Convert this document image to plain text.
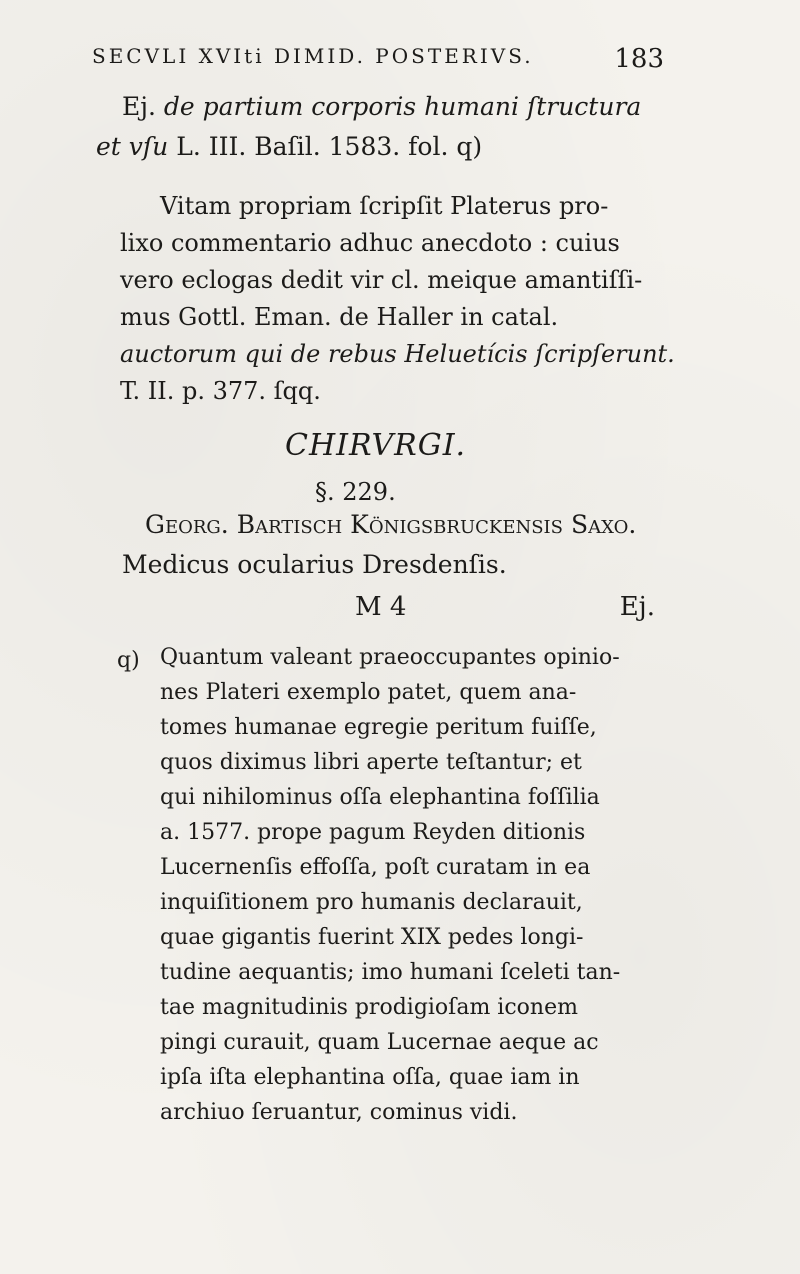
SECVLI XVIti DIMID. POSTERIVS.	183
Ej. de partium corporis humani ſtructura
et vſu L. III. Baſil. 1583. fol. q)
Vitam propriam ſcripſit Platerus pro-
lixo commentario adhuc anecdoto : cuius
vero eclogas dedit vir cl. meique amantiſſi-
mus Gottl. Eman. de Haller in catal.
auctorum qui de rebus Heluetícis ſcripſerunt.
T. II. p. 377. ſqq.
CHIRVRGI.
§. 229.
Georg. Bartisch Königsbruckenſis Saxo.
Medicus ocularius Dresdenſis.
M 4	Ej.
q) Quantum valeant praeoccupantes opinio-
nes Plateri exemplo patet, quem ana-
tomes humanae egregie peritum fuiſſe,
quos diximus libri aperte teſtantur; et
qui nihilominus oſſa elephantina foſſilia
a. 1577. prope pagum Reyden ditionis
Lucernenſis effoſſa, poſt curatam in ea
inquiſitionem pro humanis declarauit,
quae gigantis fuerint XIX pedes longi-
tudine aequantis; imo humani ſceleti tan-
tae magnitudinis prodigioſam iconem
pingi curauit, quam Lucernae aeque ac
ipſa iſta elephantina oſſa, quae iam in
archiuo ſeruantur, cominus vidi.
